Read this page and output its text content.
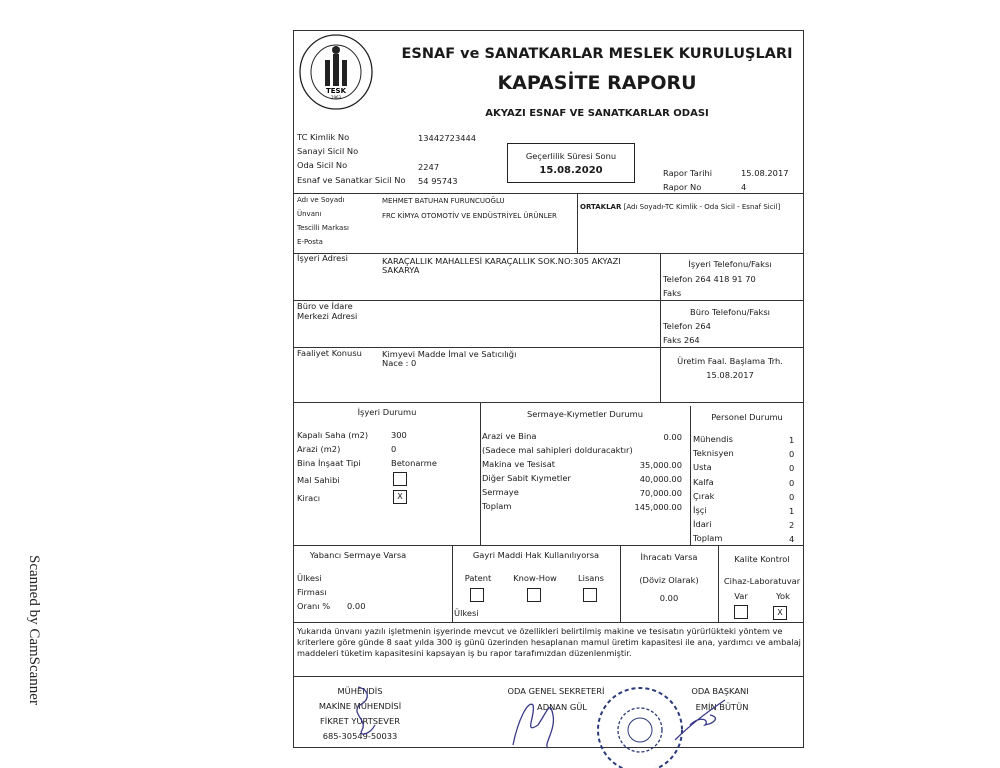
TESK
1963
ESNAF ve SANATKARLAR MESLEK KURULUŞLARI
KAPASİTE RAPORU
AKYAZI ESNAF VE SANATKARLAR ODASI
TC Kimlik No	13442723444
Sanayi Sicil No
Oda Sicil No	2247
Esnaf ve Sanatkar Sicil No 54 95743
Geçerlilik Süresi Sonu
15.08.2020	Rapor Tarihi	15.08.2017
Rapor No	4
Adı ve Soyadı	MEHMET BATUHAN FURUNCUOĞLU
Ünvanı	FRC KİMYA OTOMOTİV VE ENDÜSTRİYEL ÜRÜNLER
Tescilli Markası
E-Posta
ORTAKLAR [Adı Soyadı-TC Kimlik - Oda Sicil - Esnaf Sicil]
İşyeri Adresi	KARAÇALLIK MAHALLESİ KARAÇALLIK SOK.NO:305 AKYAZI
SAKARYA
İşyeri Telefonu/Faksı
Telefon 264 418 91 70
Faks
Büro ve İdare
Merkezi Adresi	Büro Telefonu/Faksı
Telefon 264
Faks 264
Faaliyet Konusu Kimyevi Madde İmal ve Satıcılığı
Nace : 0	Üretim Faal. Başlama Trh.
15.08.2017
İşyeri Durumu
Kapalı Saha (m2)	300
Arazi (m2)	0
Bina İnşaat Tipi	Betonarme
Mal Sahibi
Kiracı	X
Sermaye-Kıymetler Durumu
Arazi ve Bina	0.00
(Sadece mal sahipleri dolduracaktır)
Makina ve Tesisat	35,000.00
Diğer Sabit Kıymetler	40,000.00
Sermaye	70,000.00
Toplam	145,000.00
Personel Durumu
Mühendis	1
Teknisyen	0
Usta	0
Kalfa	0
Çırak	0
İşçi	1
İdari	2
Toplam	4
Yabancı Sermaye Varsa
Ülkesi
Firması
Oranı % 0.00
Gayri Maddi Hak Kullanılıyorsa
Patent	Know-How	Lisans
Ülkesi
İhracatı Varsa
(Döviz Olarak)
0.00
Kalite Kontrol
Cihaz-Laboratuvar
Var	Yok
X
Yukarıda ünvanı yazılı işletmenin işyerinde mevcut ve özellikleri belirtilmiş makine ve tesisatın yürürlükteki yöntem ve kriterlere göre günde 8 saat yılda 300 iş günü üzerinden hesaplanan mamul üretim kapasitesi ile ana, yardımcı ve ambalaj maddeleri tüketim kapasitesini kapsayan iş bu rapor tarafımızdan düzenlenmiştir.
MÜHENDİS
MAKİNE MÜHENDİSİ
FİKRET YURTSEVER
685-30549-50033
ODA GENEL SEKRETERİ
ADNAN GÜL
ODA BAŞKANI
EMİN BÜTÜN
Scanned by CamScanner
